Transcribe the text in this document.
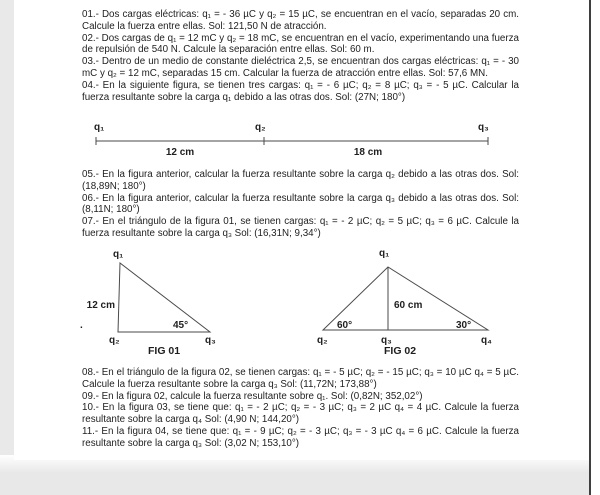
01.- Dos cargas eléctricas: q₁ = - 36 µC y q₂ = 15 µC, se encuentran en el vacío, separadas 20 cm. Calcule la fuerza entre ellas. Sol: 121,50 N de atracción.

02.- Dos cargas de q₁ = 12 mC y q₂ = 18 mC, se encuentran en el vacío, experimentando una fuerza de repulsión de 540 N. Calcule la separación entre ellas. Sol: 60 m.

03.- Dentro de un medio de constante dieléctrica 2,5, se encuentran dos cargas eléctricas: q₁ = - 30 mC y q₂ = 12 mC, separadas 15 cm. Calcular la fuerza de atracción entre ellas. Sol: 57,6 MN.

04.- En la siguiente figura, se tienen tres cargas: q₁ = - 6 µC; q₂ = 8 µC; q₃ = - 5 µC. Calcular la fuerza resultante sobre la carga q₁ debido a las otras dos. Sol: (27N; 180°)

q₁	q₂	q₃
12 cm	18 cm

05.- En la figura anterior, calcular la fuerza resultante sobre la carga q₂ debido a las otras dos. Sol: (18,89N; 180°)

06.- En la figura anterior, calcular la fuerza resultante sobre la carga q₃ debido a las otras dos. Sol: (8,11N; 180°)

07.- En el triángulo de la figura 01, se tienen cargas: q₁ = - 2 µC; q₂ = 5 µC; q₃ = 6 µC. Calcule la fuerza resultante sobre la carga q₃ Sol: (16,31N; 9,34°)

q₁
12 cm
45°
q₂	q₃
FIG 01
.
q₁
60 cm
60°	30°
q₂	q₃	q₄
FIG 02

08.- En el triángulo de la figura 02, se tienen cargas: q₁ = - 5 µC; q₂ = - 15 µC; q₃ = 10 µC q₄ = 5 µC. Calcule la fuerza resultante sobre la carga q₃ Sol: (11,72N; 173,88°)

09.- En la figura 02, calcule la fuerza resultante sobre q₁. Sol: (0,82N; 352,02°)

10.- En la figura 03, se tiene que: q₁ = - 2 µC; q₂ = - 3 µC; q₃ = 2 µC q₄ = 4 µC. Calcule la fuerza resultante sobre la carga q₄ Sol: (4,90 N; 144,20°)

11.- En la figura 04, se tiene que: q₁ = - 9 µC; q₂ = - 3 µC; q₃ = - 3 µC q₄ = 6 µC. Calcule la fuerza resultante sobre la carga q₃ Sol: (3,02 N; 153,10°)
